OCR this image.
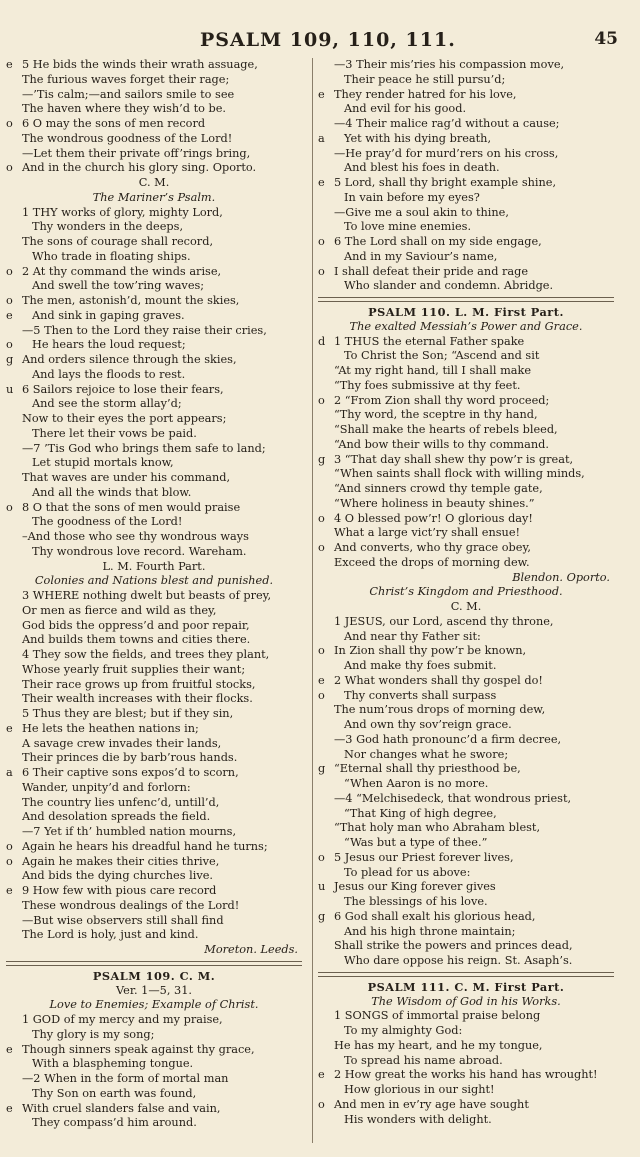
PSALM 109, 110, 111.	45
e 5 He bids the winds their wrath assuage,
The furious waves forget their rage;
—’Tis calm;—and sailors smile to see
The haven where they wish’d to be.
o 6 O may the sons of men record
The wondrous goodness of the Lord!
—Let them their private off’rings bring,
o And in the church his glory sing. Oporto.
C. M.
The Mariner’s Psalm.
1 THY works of glory, mighty Lord,
Thy wonders in the deeps,
The sons of courage shall record,
Who trade in floating ships.
o 2 At thy command the winds arise,
And swell the tow’ring waves;
o The men, astonish’d, mount the skies,
e	And sink in gaping graves.
—5 Then to the Lord they raise their cries,
o	He hears the loud request;
g And orders silence through the skies,
And lays the floods to rest.
u 6 Sailors rejoice to lose their fears,
And see the storm allay’d;
Now to their eyes the port appears;
There let their vows be paid.
—7 ’Tis God who brings them safe to land;
Let stupid mortals know,
That waves are under his command,
And all the winds that blow.
o 8 O that the sons of men would praise
The goodness of the Lord!
–And those who see thy wondrous ways
Thy wondrous love record. Wareham.
L. M. Fourth Part.
Colonies and Nations blest and punished.
3 WHERE nothing dwelt but beasts of prey,
Or men as fierce and wild as they,
God bids the oppress’d and poor repair,
And builds them towns and cities there.
4 They sow the fields, and trees they plant,
Whose yearly fruit supplies their want;
Their race grows up from fruitful stocks,
Their wealth increases with their flocks.
5 Thus they are blest; but if they sin,
e He lets the heathen nations in;
A savage crew invades their lands,
Their princes die by barb’rous hands.
a 6 Their captive sons expos’d to scorn,
Wander, unpity’d and forlorn:
The country lies unfenc’d, untill’d,
And desolation spreads the field.
—7 Yet if th’ humbled nation mourns,
o Again he hears his dreadful hand he turns;
o Again he makes their cities thrive,
And bids the dying churches live.
e 9 How few with pious care record
These wondrous dealings of the Lord!
—But wise observers still shall find
The Lord is holy, just and kind.
Moreton. Leeds.
PSALM 109. C. M.
Ver. 1—5, 31.
Love to Enemies; Example of Christ.
1 GOD of my mercy and my praise,
Thy glory is my song;
e Though sinners speak against thy grace,
With a blaspheming tongue.
—2 When in the form of mortal man
Thy Son on earth was found,
e With cruel slanders false and vain,
They compass’d him around.
—3 Their mis’ries his compassion move,
Their peace he still pursu’d;
e They render hatred for his love,
And evil for his good.
—4 Their malice rag’d without a cause;
a	Yet with his dying breath,
—He pray’d for murd’rers on his cross,
And blest his foes in death.
e 5 Lord, shall thy bright example shine,
In vain before my eyes?
—Give me a soul akin to thine,
To love mine enemies.
o 6 The Lord shall on my side engage,
And in my Saviour’s name,
o I shall defeat their pride and rage
Who slander and condemn. Abridge.
PSALM 110. L. M. First Part.
The exalted Messiah’s Power and Grace.
d 1 THUS the eternal Father spake
To Christ the Son; “Ascend and sit
“At my right hand, till I shall make
“Thy foes submissive at thy feet.
o 2 “From Zion shall thy word proceed;
“Thy word, the sceptre in thy hand,
“Shall make the hearts of rebels bleed,
“And bow their wills to thy command.
g 3 “That day shall shew thy pow’r is great,
“When saints shall flock with willing minds,
“And sinners crowd thy temple gate,
“Where holiness in beauty shines.”
o 4 O blessed pow’r! O glorious day!
What a large vict’ry shall ensue!
o And converts, who thy grace obey,
Exceed the drops of morning dew.
Blendon. Oporto.
Christ’s Kingdom and Priesthood.
C. M.
1 JESUS, our Lord, ascend thy throne,
And near thy Father sit:
o In Zion shall thy pow’r be known,
And make thy foes submit.
e 2 What wonders shall thy gospel do!
o	Thy converts shall surpass
The num’rous drops of morning dew,
And own thy sov’reign grace.
—3 God hath pronounc’d a firm decree,
Nor changes what he swore;
g “Eternal shall thy priesthood be,
“When Aaron is no more.
—4 “Melchisedeck, that wondrous priest,
“That King of high degree,
“That holy man who Abraham blest,
“Was but a type of thee.”
o 5 Jesus our Priest forever lives,
To plead for us above:
u Jesus our King forever gives
The blessings of his love.
g 6 God shall exalt his glorious head,
And his high throne maintain;
Shall strike the powers and princes dead,
Who dare oppose his reign. St. Asaph’s.
PSALM 111. C. M. First Part.
The Wisdom of God in his Works.
1 SONGS of immortal praise belong
To my almighty God:
He has my heart, and he my tongue,
To spread his name abroad.
e 2 How great the works his hand has wrought!
How glorious in our sight!
o And men in ev’ry age have sought
His wonders with delight.
